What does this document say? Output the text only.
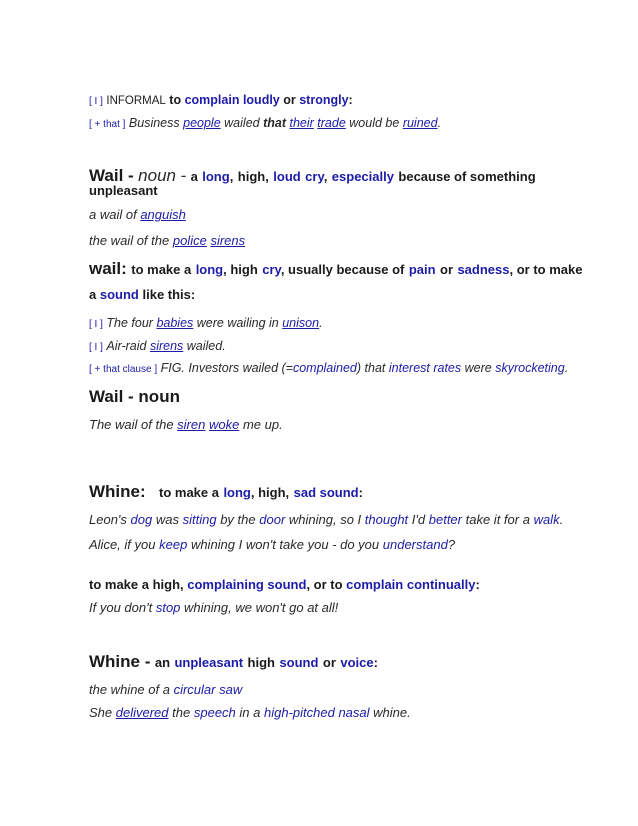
[ I ] INFORMAL to complain loudly or strongly:
[ + that ] Business people wailed that their trade would be ruined.
Wail - noun - a long, high, loud cry, especially because of something
unpleasant
a wail of anguish
the wail of the police sirens
wail: to make a long, high cry, usually because of pain or sadness, or to make
a sound like this:
[ I ] The four babies were wailing in unison.
[ I ] Air-raid sirens wailed.
[ + that clause ] FIG. Investors wailed (=complained) that interest rates were skyrocketing.
Wail - noun
The wail of the siren woke me up.
Whine: to make a long, high, sad sound:
Leon's dog was sitting by the door whining, so I thought I'd better take it for a walk.
Alice, if you keep whining I won't take you - do you understand?
to make a high, complaining sound, or to complain continually:
If you don't stop whining, we won't go at all!
Whine - an unpleasant high sound or voice:
the whine of a circular saw
She delivered the speech in a high-pitched nasal whine.
